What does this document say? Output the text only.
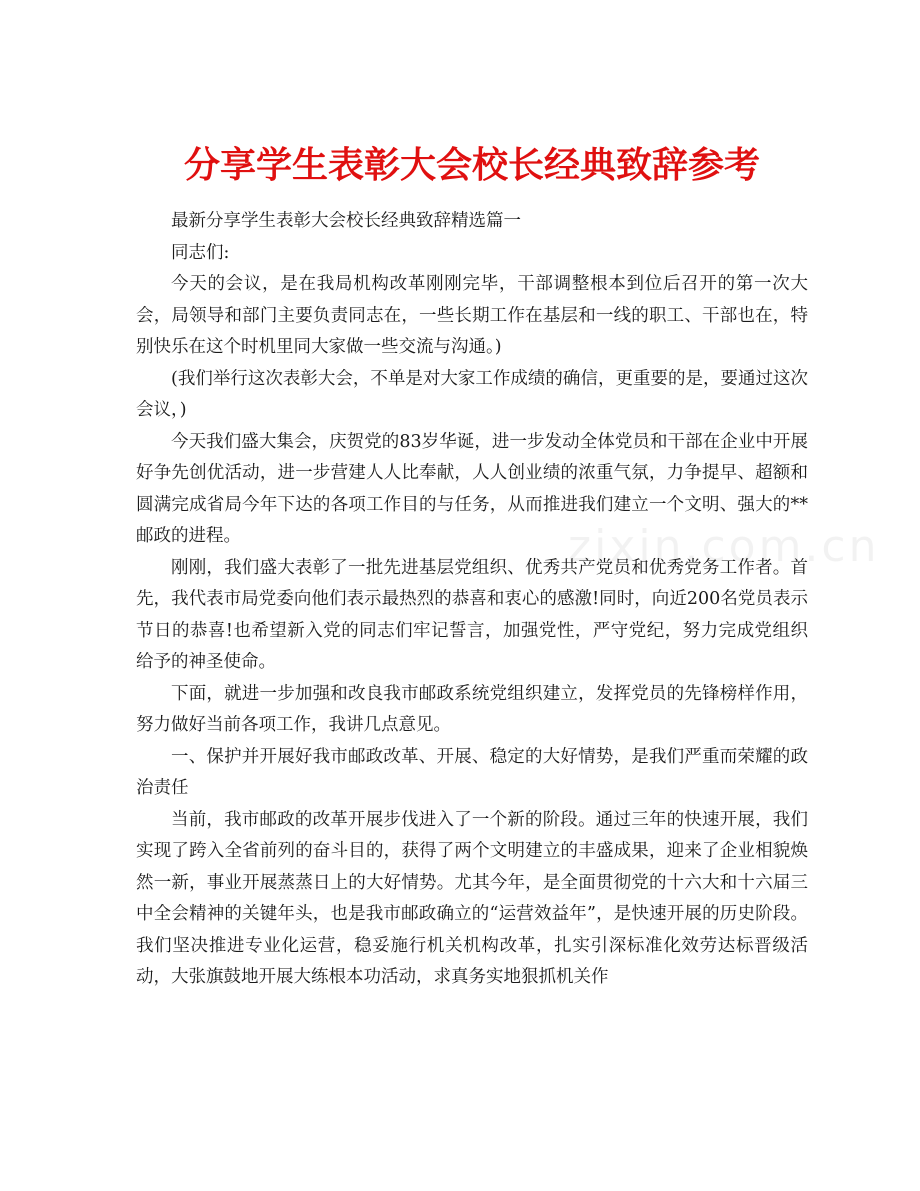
分享学生表彰大会校长经典致辞参考

最新分享学生表彰大会校长经典致辞精选篇一

同志们:

今天的会议，是在我局机构改革刚刚完毕，干部调整根本到位后召开的第一次大会，局领导和部门主要负责同志在，一些长期工作在基层和一线的职工、干部也在，特别快乐在这个时机里同大家做一些交流与沟通。)

(我们举行这次表彰大会，不单是对大家工作成绩的确信，更重要的是，要通过这次会议，)

今天我们盛大集会，庆贺党的83岁华诞，进一步发动全体党员和干部在企业中开展好争先创优活动，进一步营建人人比奉献，人人创业绩的浓重气氛，力争提早、超额和圆满完成省局今年下达的各项工作目的与任务，从而推进我们建立一个文明、强大的**邮政的进程。

刚刚，我们盛大表彰了一批先进基层党组织、优秀共产党员和优秀党务工作者。首先，我代表市局党委向他们表示最热烈的恭喜和衷心的感激!同时，向近200名党员表示节日的恭喜!也希望新入党的同志们牢记誓言，加强党性，严守党纪，努力完成党组织给予的神圣使命。

下面，就进一步加强和改良我市邮政系统党组织建立，发挥党员的先锋榜样作用，努力做好当前各项工作，我讲几点意见。

一、保护并开展好我市邮政改革、开展、稳定的大好情势，是我们严重而荣耀的政治责任

当前，我市邮政的改革开展步伐进入了一个新的阶段。通过三年的快速开展，我们实现了跨入全省前列的奋斗目的，获得了两个文明建立的丰盛成果，迎来了企业相貌焕然一新，事业开展蒸蒸日上的大好情势。尤其今年，是全面贯彻党的十六大和十六届三中全会精神的关键年头，也是我市邮政确立的“运营效益年”，是快速开展的历史阶段。我们坚决推进专业化运营，稳妥施行机关机构改革，扎实引深标准化效劳达标晋级活动，大张旗鼓地开展大练根本功活动，求真务实地狠抓机关作

zixin.com.cn
